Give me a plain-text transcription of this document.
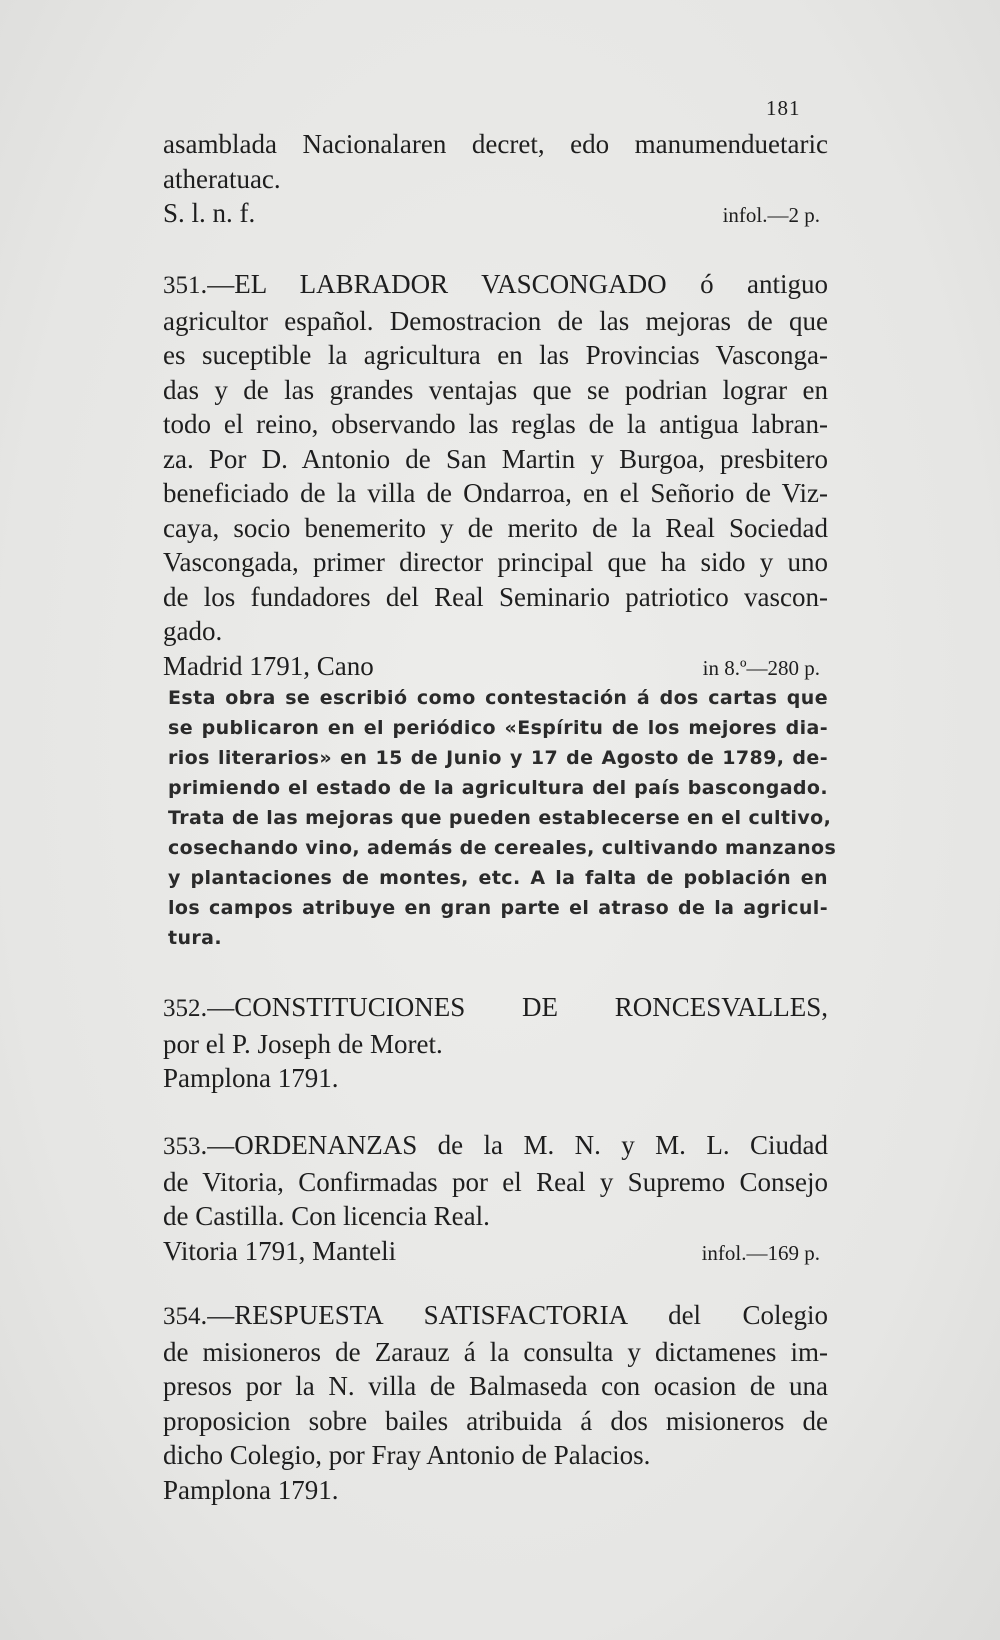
181
asamblada Nacionalaren decret, edo manumenduetaric
atheratuac.
S. l. n. f.	infol.—2 p.
351.—EL LABRADOR VASCONGADO ó antiguo
agricultor español. Demostracion de las mejoras de que
es suceptible la agricultura en las Provincias Vasconga-
das y de las grandes ventajas que se podrian lograr en
todo el reino, observando las reglas de la antigua labran-
za. Por D. Antonio de San Martin y Burgoa, presbitero
beneficiado de la villa de Ondarroa, en el Señorio de Viz-
caya, socio benemerito y de merito de la Real Sociedad
Vascongada, primer director principal que ha sido y uno
de los fundadores del Real Seminario patriotico vascon-
gado.
Madrid 1791, Cano	in 8.º—280 p.
Esta obra se escribió como contestación á dos cartas que
se publicaron en el periódico «Espíritu de los mejores dia-
rios literarios» en 15 de Junio y 17 de Agosto de 1789, de-
primiendo el estado de la agricultura del país bascongado.
Trata de las mejoras que pueden establecerse en el cultivo,
cosechando vino, además de cereales, cultivando manzanos
y plantaciones de montes, etc. A la falta de población en
los campos atribuye en gran parte el atraso de la agricul-
tura.
352.—CONSTITUCIONES DE RONCESVALLES,
por el P. Joseph de Moret.
Pamplona 1791.
353.—ORDENANZAS de la M. N. y M. L. Ciudad
de Vitoria, Confirmadas por el Real y Supremo Consejo
de Castilla. Con licencia Real.
Vitoria 1791, Manteli	infol.—169 p.
354.—RESPUESTA SATISFACTORIA del Colegio
de misioneros de Zarauz á la consulta y dictamenes im-
presos por la N. villa de Balmaseda con ocasion de una
proposicion sobre bailes atribuida á dos misioneros de
dicho Colegio, por Fray Antonio de Palacios.
Pamplona 1791.
